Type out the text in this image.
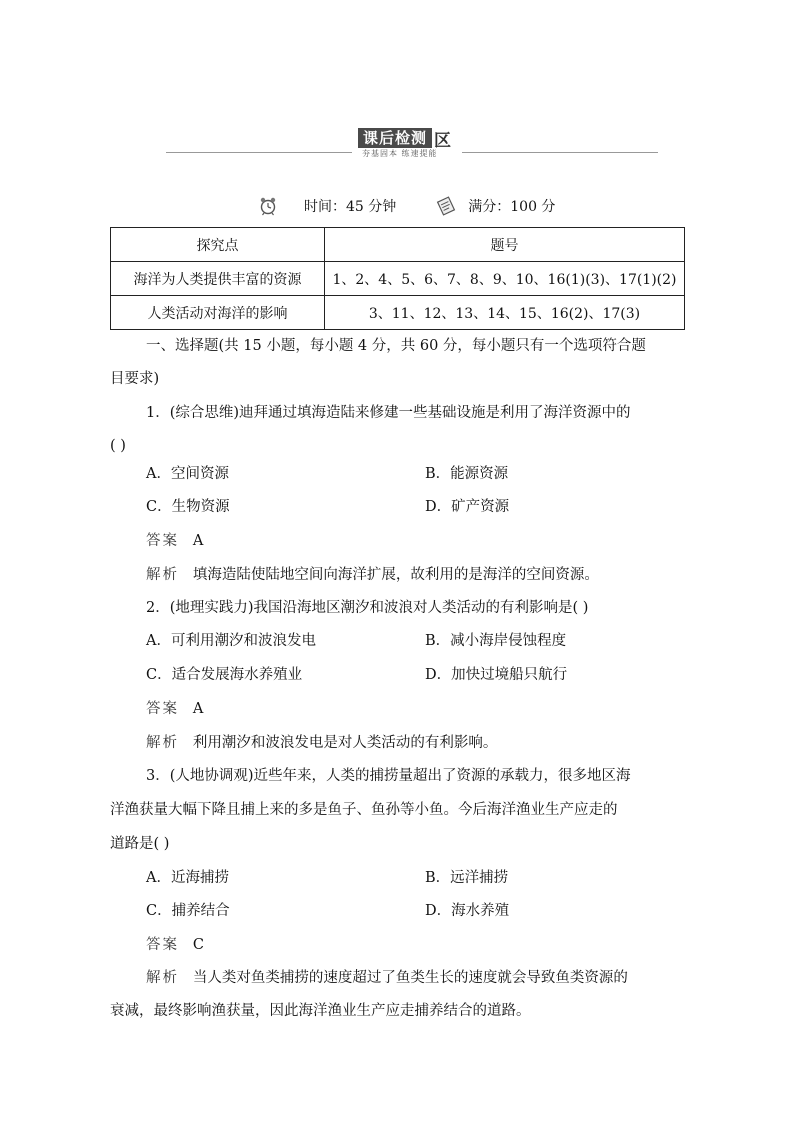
课后检测 区
夯基固本 练速提能
时间：45 分钟	满分：100 分
探究点	题号
海洋为人类提供丰富的资源	1、2、4、5、6、7、8、9、10、16(1)(3)、17(1)(2)
人类活动对海洋的影响	3、11、12、13、14、15、16(2)、17(3)
一、选择题(共 15 小题，每小题 4 分，共 60 分，每小题只有一个选项符合题
目要求)
1．(综合思维)迪拜通过填海造陆来修建一些基础设施是利用了海洋资源中的
( )
A．空间资源	B．能源资源
C．生物资源	D．矿产资源
答案 A
解析 填海造陆使陆地空间向海洋扩展，故利用的是海洋的空间资源。
2．(地理实践力)我国沿海地区潮汐和波浪对人类活动的有利影响是( )
A．可利用潮汐和波浪发电	B．减小海岸侵蚀程度
C．适合发展海水养殖业	D．加快过境船只航行
答案 A
解析 利用潮汐和波浪发电是对人类活动的有利影响。
3．(人地协调观)近些年来，人类的捕捞量超出了资源的承载力，很多地区海
洋渔获量大幅下降且捕上来的多是鱼子、鱼孙等小鱼。今后海洋渔业生产应走的
道路是( )
A．近海捕捞	B．远洋捕捞
C．捕养结合	D．海水养殖
答案 C
解析 当人类对鱼类捕捞的速度超过了鱼类生长的速度就会导致鱼类资源的
衰减，最终影响渔获量，因此海洋渔业生产应走捕养结合的道路。
